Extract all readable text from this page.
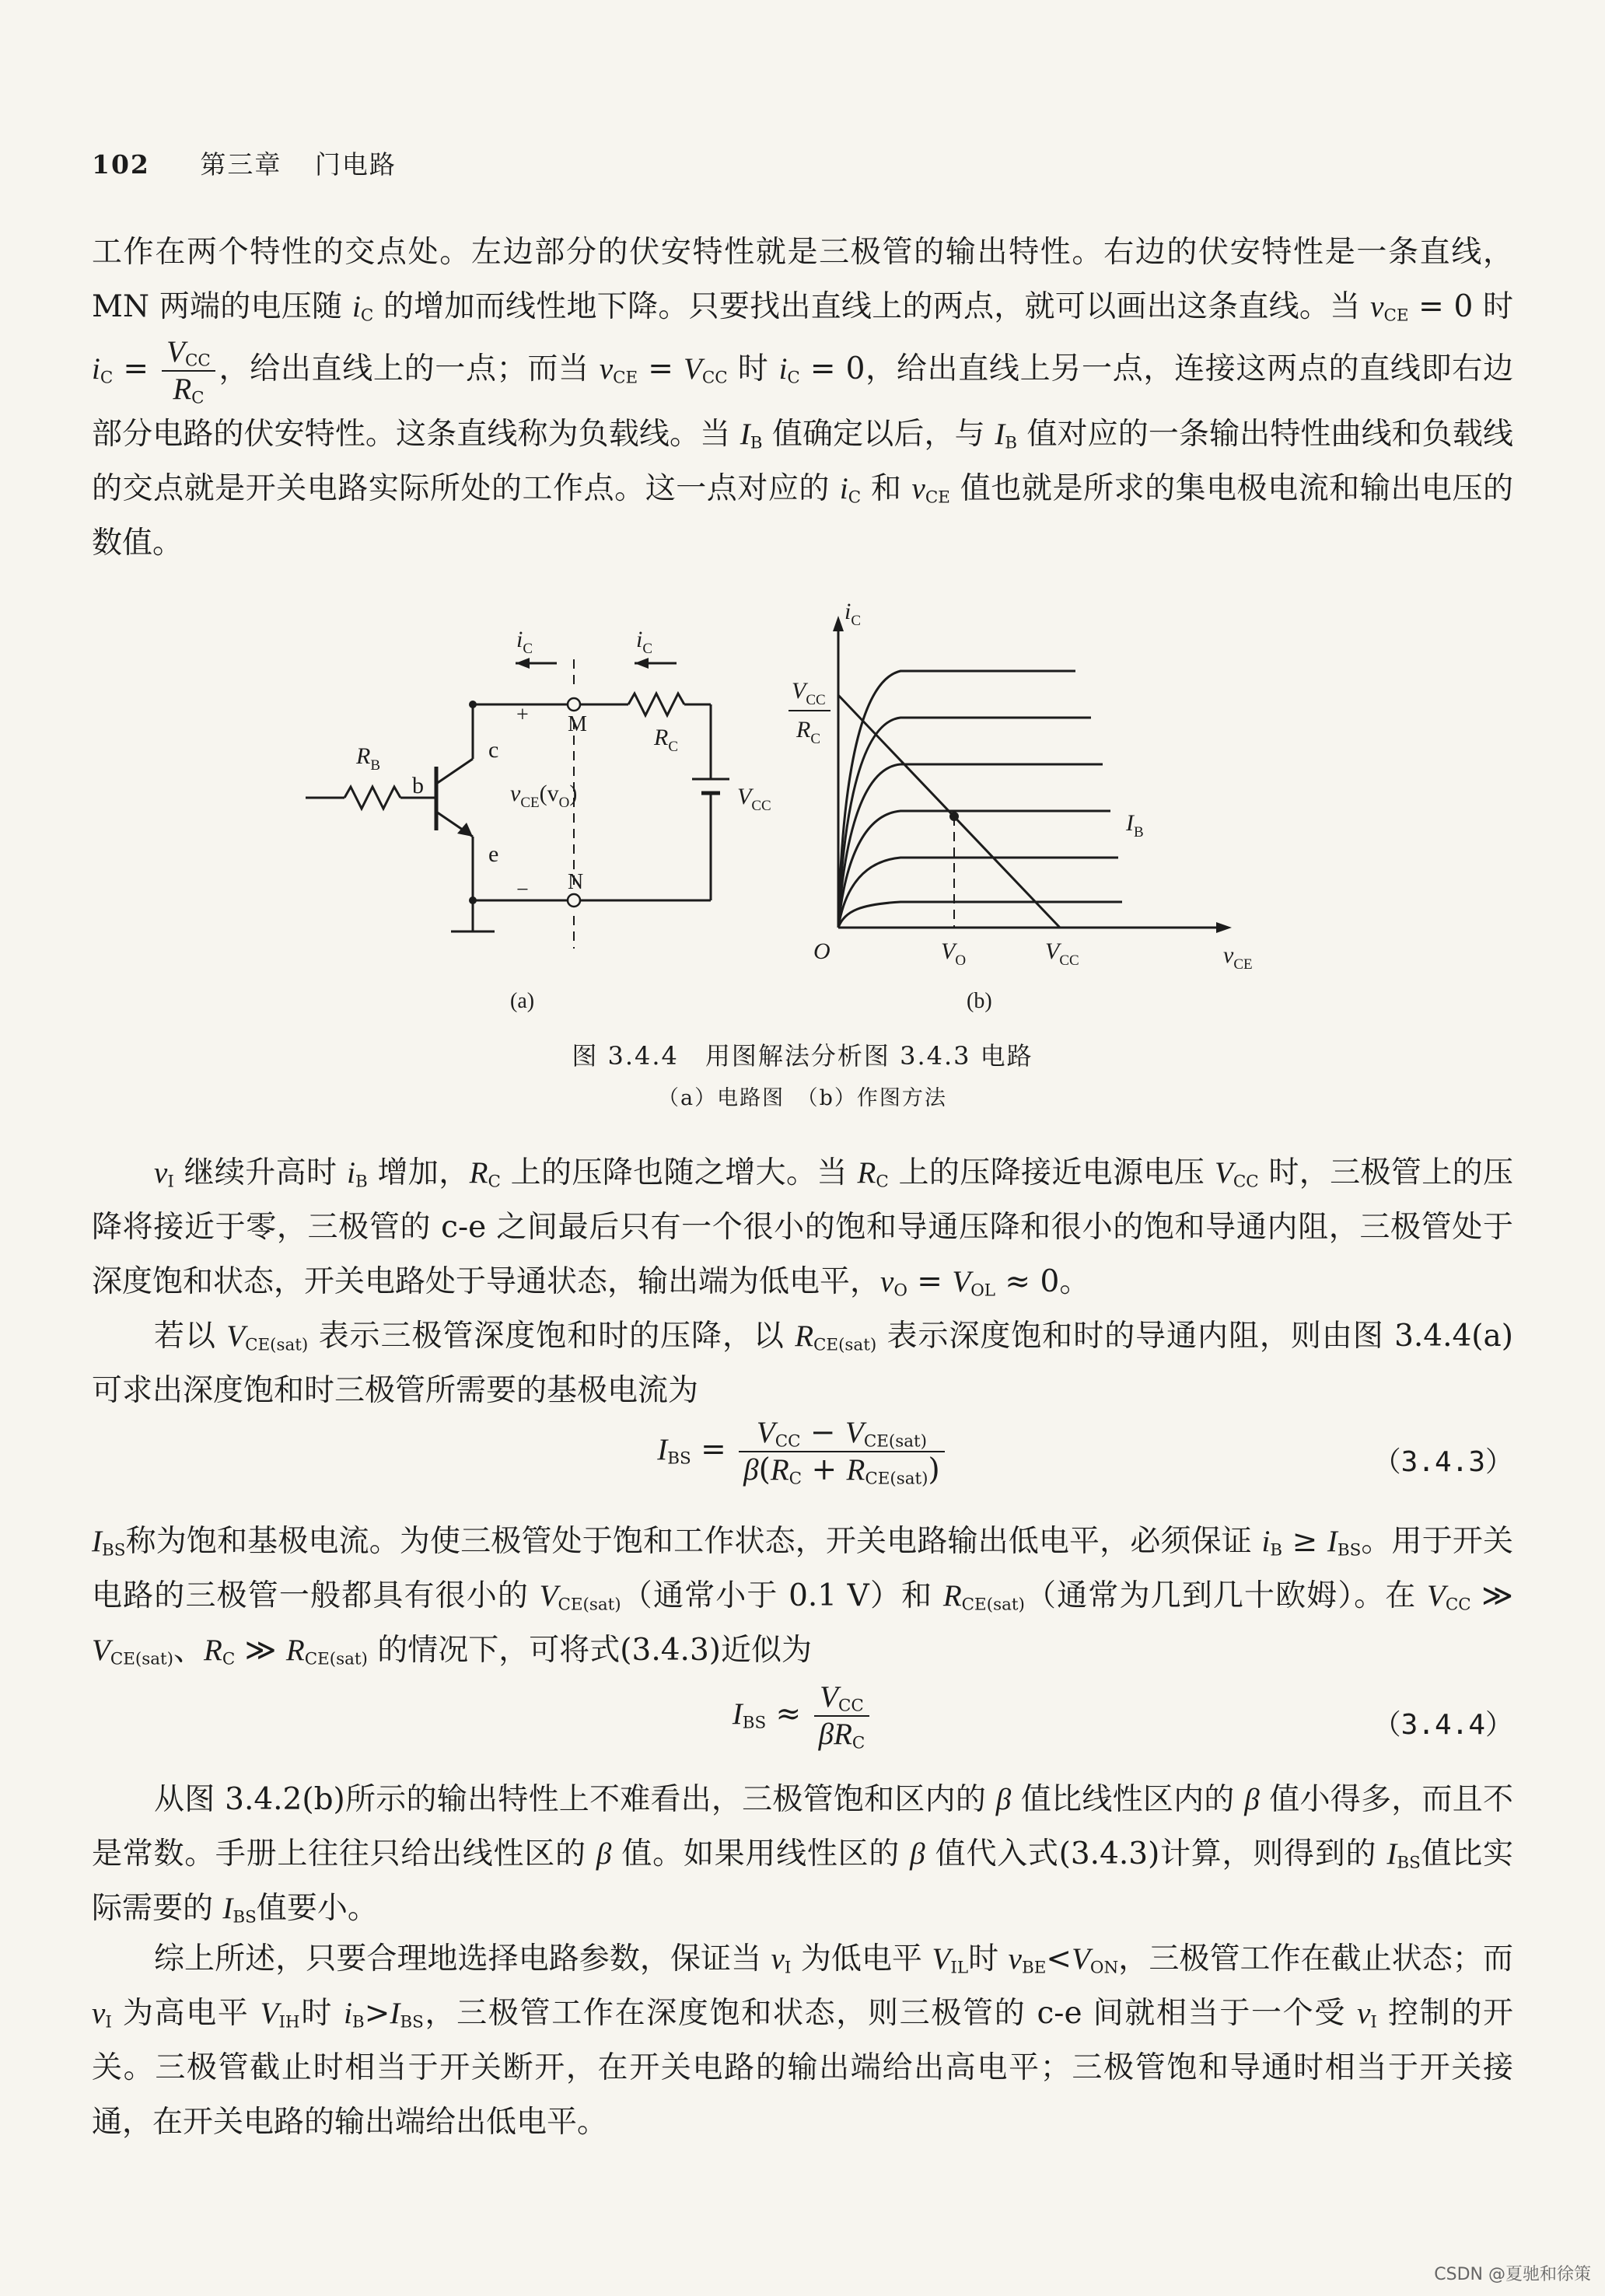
102 第三章 门电路

工作在两个特性的交点处。左边部分的伏安特性就是三极管的输出特性。右边的伏安特性是一条直线，MN 两端的电压随 $i_C$ 的增加而线性地下降。只要找出直线上的两点，就可以画出这条直线。当 $v_{CE} = 0$ 时 $i_C = \frac{V_{CC}}{R_C}$ ，给出直线上的一点；而当 $v_{CE} = V_{CC}$ 时 $i_C = 0$，给出直线上另一点，连接这两点的直线即右边部分电路的伏安特性。这条直线称为负载线。当 $I_B$ 值确定以后，与 $I_B$ 值对应的一条输出特性曲线和负载线的交点就是开关电路实际所处的工作点。这一点对应的 $i_C$ 和 $v_{CE}$ 值也就是所求的集电极电流和输出电压的数值。

$R_B$
b
c
e
$i_C$	$i_C$
$R_C$
+
−
M
N
$v_{CE}(v_O)$	$V_{CC}$
(a)
$i_C$
$V_{CC}$
$R_C$
$I_B$
O	$V_O$	$V_{CC}$	$v_{CE}$
(b)
图 3.4.4　用图解法分析图 3.4.3 电路
（a）电路图　（b）作图方法

$v_I$ 继续升高时 $i_B$ 增加，$R_C$ 上的压降也随之增大。当 $R_C$ 上的压降接近电源电压 $V_{CC}$ 时，三极管上的压降将接近于零，三极管的 c-e 之间最后只有一个很小的饱和导通压降和很小的饱和导通内阻，三极管处于深度饱和状态，开关电路处于导通状态，输出端为低电平，$v_O = V_{OL} \approx 0$。

若以 $V_{CE(sat)}$ 表示三极管深度饱和时的压降，以 $R_{CE(sat)}$ 表示深度饱和时的导通内阻，则由图 3.4.4(a)可求出深度饱和时三极管所需要的基极电流为

$I_{BS} = \frac{V_{CC} - V_{CE(sat)}}{\beta(R_C + R_{CE(sat)})}$	（3.4.3）

$I_{BS}$称为饱和基极电流。为使三极管处于饱和工作状态，开关电路输出低电平，必须保证 $i_B \ge I_{BS}$。用于开关电路的三极管一般都具有很小的 $V_{CE(sat)}$（通常小于 0.1 V）和 $R_{CE(sat)}$（通常为几到几十欧姆）。在 $V_{CC}$ ≫ $V_{CE(sat)}$、$R_C$ ≫ $R_{CE(sat)}$ 的情况下，可将式(3.4.3)近似为

$I_{BS} \approx \frac{V_{CC}}{\beta R_C}$	（3.4.4）

从图 3.4.2(b)所示的输出特性上不难看出，三极管饱和区内的 β 值比线性区内的 β 值小得多，而且不是常数。手册上往往只给出线性区的 β 值。如果用线性区的 β 值代入式(3.4.3)计算，则得到的 $I_{BS}$值比实际需要的 $I_{BS}$值要小。

综上所述，只要合理地选择电路参数，保证当 $v_I$ 为低电平 $V_{IL}$时 $v_{BE}<V_{ON}$，三极管工作在截止状态；而 $v_I$ 为高电平 $V_{IH}$时 $i_B>I_{BS}$，三极管工作在深度饱和状态，则三极管的 c-e 间就相当于一个受 $v_I$ 控制的开关。三极管截止时相当于开关断开，在开关电路的输出端给出高电平；三极管饱和导通时相当于开关接通，在开关电路的输出端给出低电平。

CSDN @夏驰和徐策
